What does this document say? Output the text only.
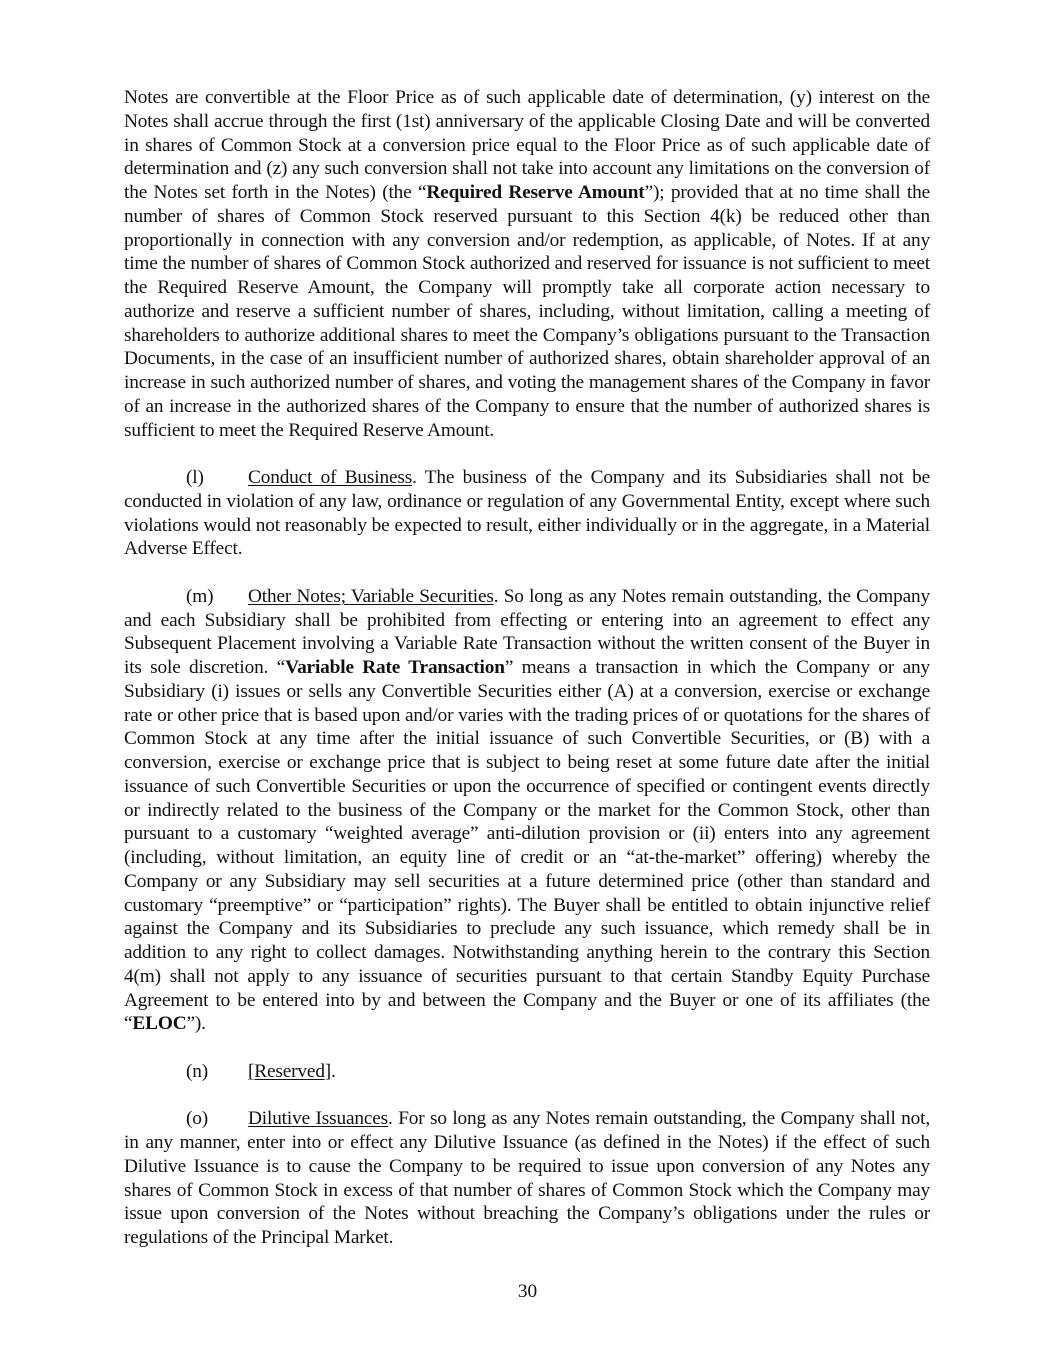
Notes are convertible at the Floor Price as of such applicable date of determination, (y) interest on the Notes shall accrue through the first (1st) anniversary of the applicable Closing Date and will be converted in shares of Common Stock at a conversion price equal to the Floor Price as of such applicable date of determination and (z) any such conversion shall not take into account any limitations on the conversion of the Notes set forth in the Notes) (the “Required Reserve Amount”); provided that at no time shall the number of shares of Common Stock reserved pursuant to this Section 4(k) be reduced other than proportionally in connection with any conversion and/or redemption, as applicable, of Notes. If at any time the number of shares of Common Stock authorized and reserved for issuance is not sufficient to meet the Required Reserve Amount, the Company will promptly take all corporate action necessary to authorize and reserve a sufficient number of shares, including, without limitation, calling a meeting of shareholders to authorize additional shares to meet the Company’s obligations pursuant to the Transaction Documents, in the case of an insufficient number of authorized shares, obtain shareholder approval of an increase in such authorized number of shares, and voting the management shares of the Company in favor of an increase in the authorized shares of the Company to ensure that the number of authorized shares is sufficient to meet the Required Reserve Amount.

(l) Conduct of Business. The business of the Company and its Subsidiaries shall not be conducted in violation of any law, ordinance or regulation of any Governmental Entity, except where such violations would not reasonably be expected to result, either individually or in the aggregate, in a Material Adverse Effect.

(m) Other Notes; Variable Securities. So long as any Notes remain outstanding, the Company and each Subsidiary shall be prohibited from effecting or entering into an agreement to effect any Subsequent Placement involving a Variable Rate Transaction without the written consent of the Buyer in its sole discretion. “Variable Rate Transaction” means a transaction in which the Company or any Subsidiary (i) issues or sells any Convertible Securities either (A) at a conversion, exercise or exchange rate or other price that is based upon and/or varies with the trading prices of or quotations for the shares of Common Stock at any time after the initial issuance of such Convertible Securities, or (B) with a conversion, exercise or exchange price that is subject to being reset at some future date after the initial issuance of such Convertible Securities or upon the occurrence of specified or contingent events directly or indirectly related to the business of the Company or the market for the Common Stock, other than pursuant to a customary “weighted average” anti-dilution provision or (ii) enters into any agreement (including, without limitation, an equity line of credit or an “at-the-market” offering) whereby the Company or any Subsidiary may sell securities at a future determined price (other than standard and customary “preemptive” or “participation” rights). The Buyer shall be entitled to obtain injunctive relief against the Company and its Subsidiaries to preclude any such issuance, which remedy shall be in addition to any right to collect damages. Notwithstanding anything herein to the contrary this Section 4(m) shall not apply to any issuance of securities pursuant to that certain Standby Equity Purchase Agreement to be entered into by and between the Company and the Buyer or one of its affiliates (the “ELOC”).

(n) [Reserved].

(o) Dilutive Issuances. For so long as any Notes remain outstanding, the Company shall not, in any manner, enter into or effect any Dilutive Issuance (as defined in the Notes) if the effect of such Dilutive Issuance is to cause the Company to be required to issue upon conversion of any Notes any shares of Common Stock in excess of that number of shares of Common Stock which the Company may issue upon conversion of the Notes without breaching the Company’s obligations under the rules or regulations of the Principal Market.

30
